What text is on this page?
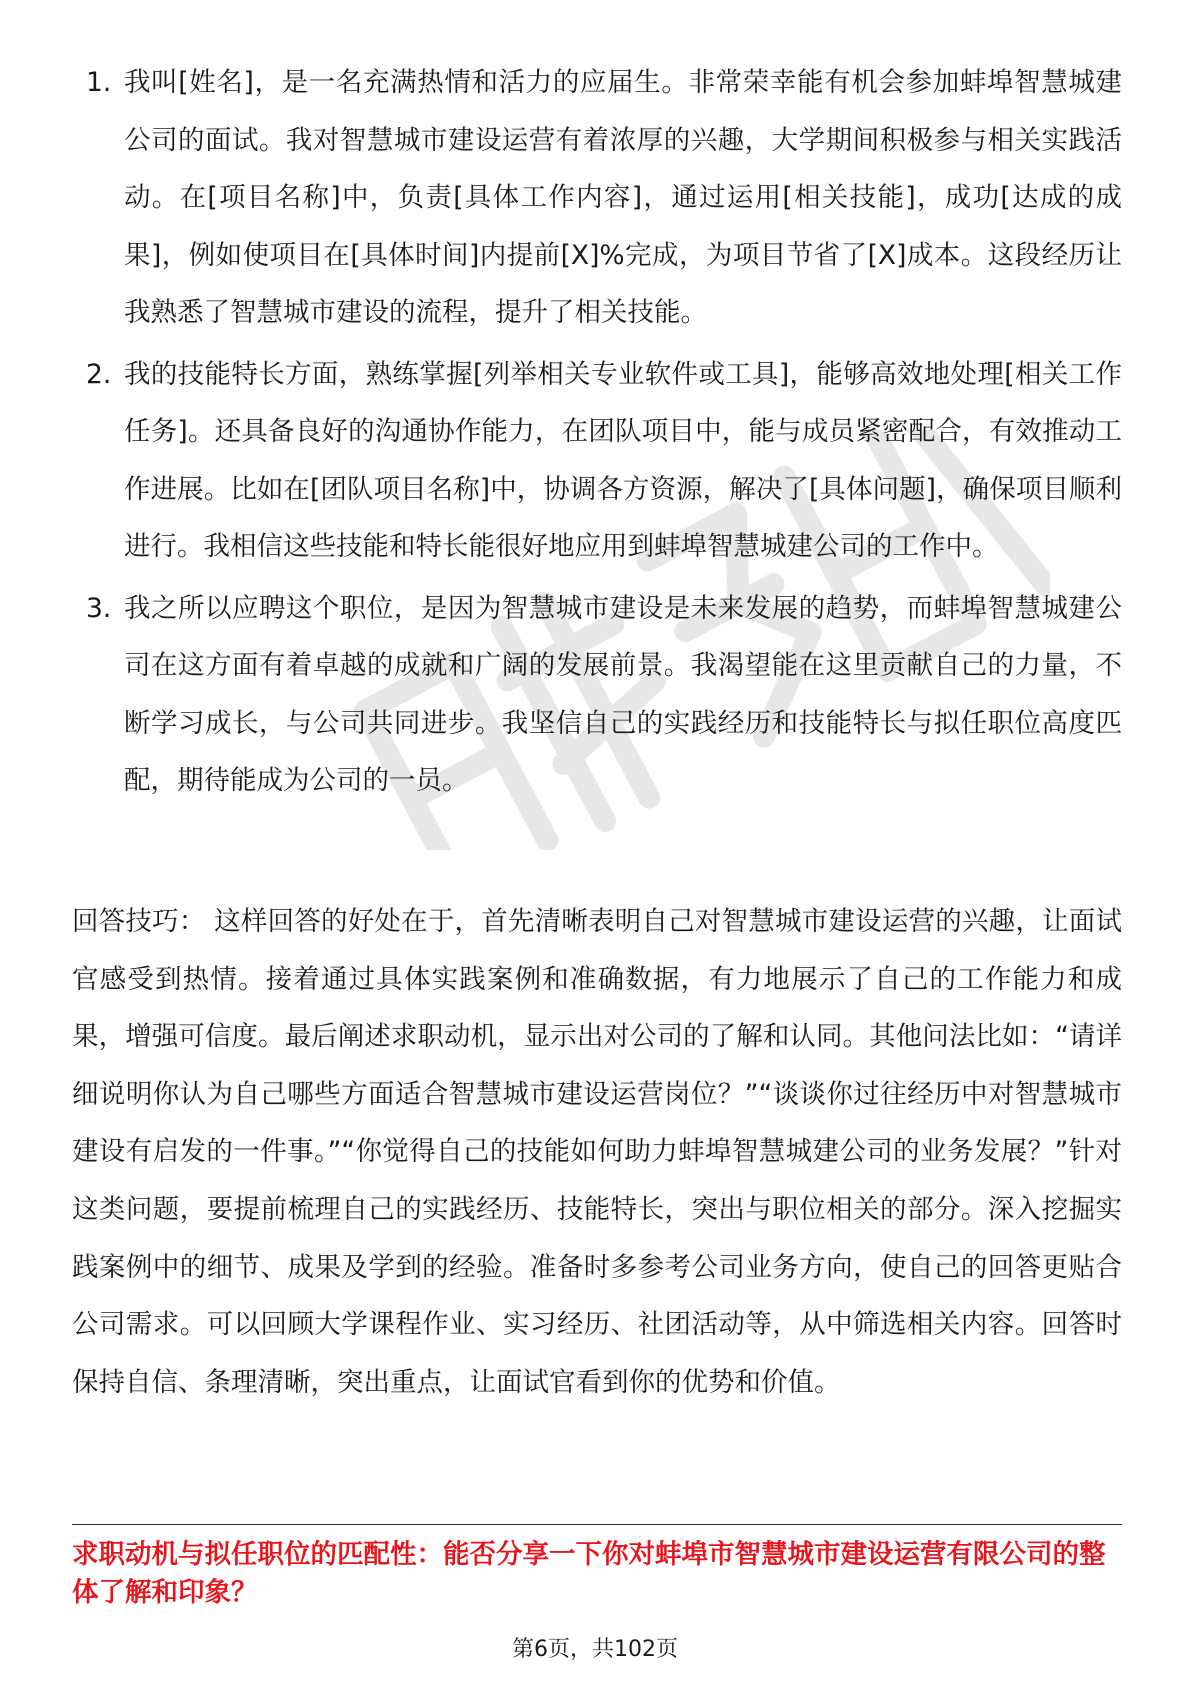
1. 我叫[姓名]，是一名充满热情和活力的应届生。非常荣幸能有机会参加蚌埠智慧城建公司的面试。我对智慧城市建设运营有着浓厚的兴趣，大学期间积极参与相关实践活动。在[项目名称]中，负责[具体工作内容]，通过运用[相关技能]，成功[达成的成果]，例如使项目在[具体时间]内提前[X]%完成，为项目节省了[X]成本。这段经历让我熟悉了智慧城市建设的流程，提升了相关技能。
2. 我的技能特长方面，熟练掌握[列举相关专业软件或工具]，能够高效地处理[相关工作任务]。还具备良好的沟通协作能力，在团队项目中，能与成员紧密配合，有效推动工作进展。比如在[团队项目名称]中，协调各方资源，解决了[具体问题]，确保项目顺利进行。我相信这些技能和特长能很好地应用到蚌埠智慧城建公司的工作中。
3. 我之所以应聘这个职位，是因为智慧城市建设是未来发展的趋势，而蚌埠智慧城建公司在这方面有着卓越的成就和广阔的发展前景。我渴望能在这里贡献自己的力量，不断学习成长，与公司共同进步。我坚信自己的实践经历和技能特长与拟任职位高度匹配，期待能成为公司的一员。

回答技巧： 这样回答的好处在于，首先清晰表明自己对智慧城市建设运营的兴趣，让面试官感受到热情。接着通过具体实践案例和准确数据，有力地展示了自己的工作能力和成果，增强可信度。最后阐述求职动机，显示出对公司的了解和认同。其他问法比如：“请详细说明你认为自己哪些方面适合智慧城市建设运营岗位？”“谈谈你过往经历中对智慧城市建设有启发的一件事。”“你觉得自己的技能如何助力蚌埠智慧城建公司的业务发展？”针对这类问题，要提前梳理自己的实践经历、技能特长，突出与职位相关的部分。深入挖掘实践案例中的细节、成果及学到的经验。准备时多参考公司业务方向，使自己的回答更贴合公司需求。可以回顾大学课程作业、实习经历、社团活动等，从中筛选相关内容。回答时保持自信、条理清晰，突出重点，让面试官看到你的优势和价值。

求职动机与拟任职位的匹配性：能否分享一下你对蚌埠市智慧城市建设运营有限公司的整体了解和印象？

第6页，共102页
